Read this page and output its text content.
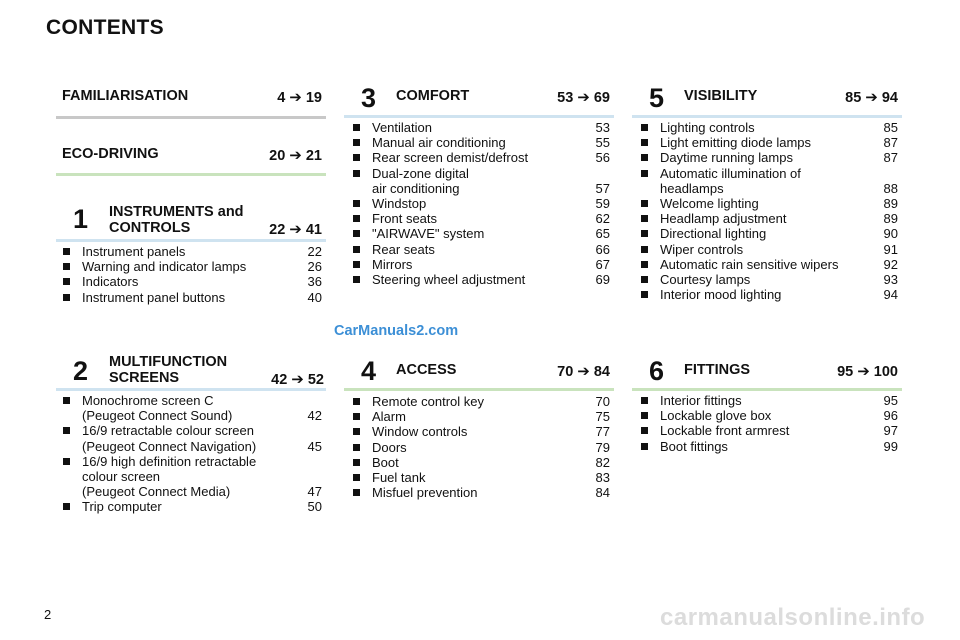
CONTENTS
FAMILIARISATION	4 ➔ 19
ECO-DRIVING	20 ➔ 21
1 INSTRUMENTS and
CONTROLS	22 ➔ 41
Instrument panels	22
Warning and indicator lamps	26
Indicators	36
Instrument panel buttons	40
2 MULTIFUNCTION
SCREENS	42 ➔ 52
Monochrome screen C
(Peugeot Connect Sound)	42
16/9 retractable colour screen
(Peugeot Connect Navigation)	45
16/9 high definition retractable
colour screen
(Peugeot Connect Media)	47
Trip computer	50
3 COMFORT	53 ➔ 69
Ventilation	53
Manual air conditioning	55
Rear screen demist/defrost	56
Dual-zone digital
air conditioning	57
Windstop	59
Front seats	62
"AIRWAVE" system	65
Rear seats	66
Mirrors	67
Steering wheel adjustment	69
4 ACCESS	70 ➔ 84
Remote control key	70
Alarm	75
Window controls	77
Doors	79
Boot	82
Fuel tank	83
Misfuel prevention	84
5 VISIBILITY	85 ➔ 94
Lighting controls	85
Light emitting diode lamps	87
Daytime running lamps	87
Automatic illumination of
headlamps	88
Welcome lighting	89
Headlamp adjustment	89
Directional lighting	90
Wiper controls	91
Automatic rain sensitive wipers	92
Courtesy lamps	93
Interior mood lighting	94
6 FITTINGS	95 ➔ 100
Interior fittings	95
Lockable glove box	96
Lockable front armrest	97
Boot fittings	99
CarManuals2.com
carmanualsonline.info
2
